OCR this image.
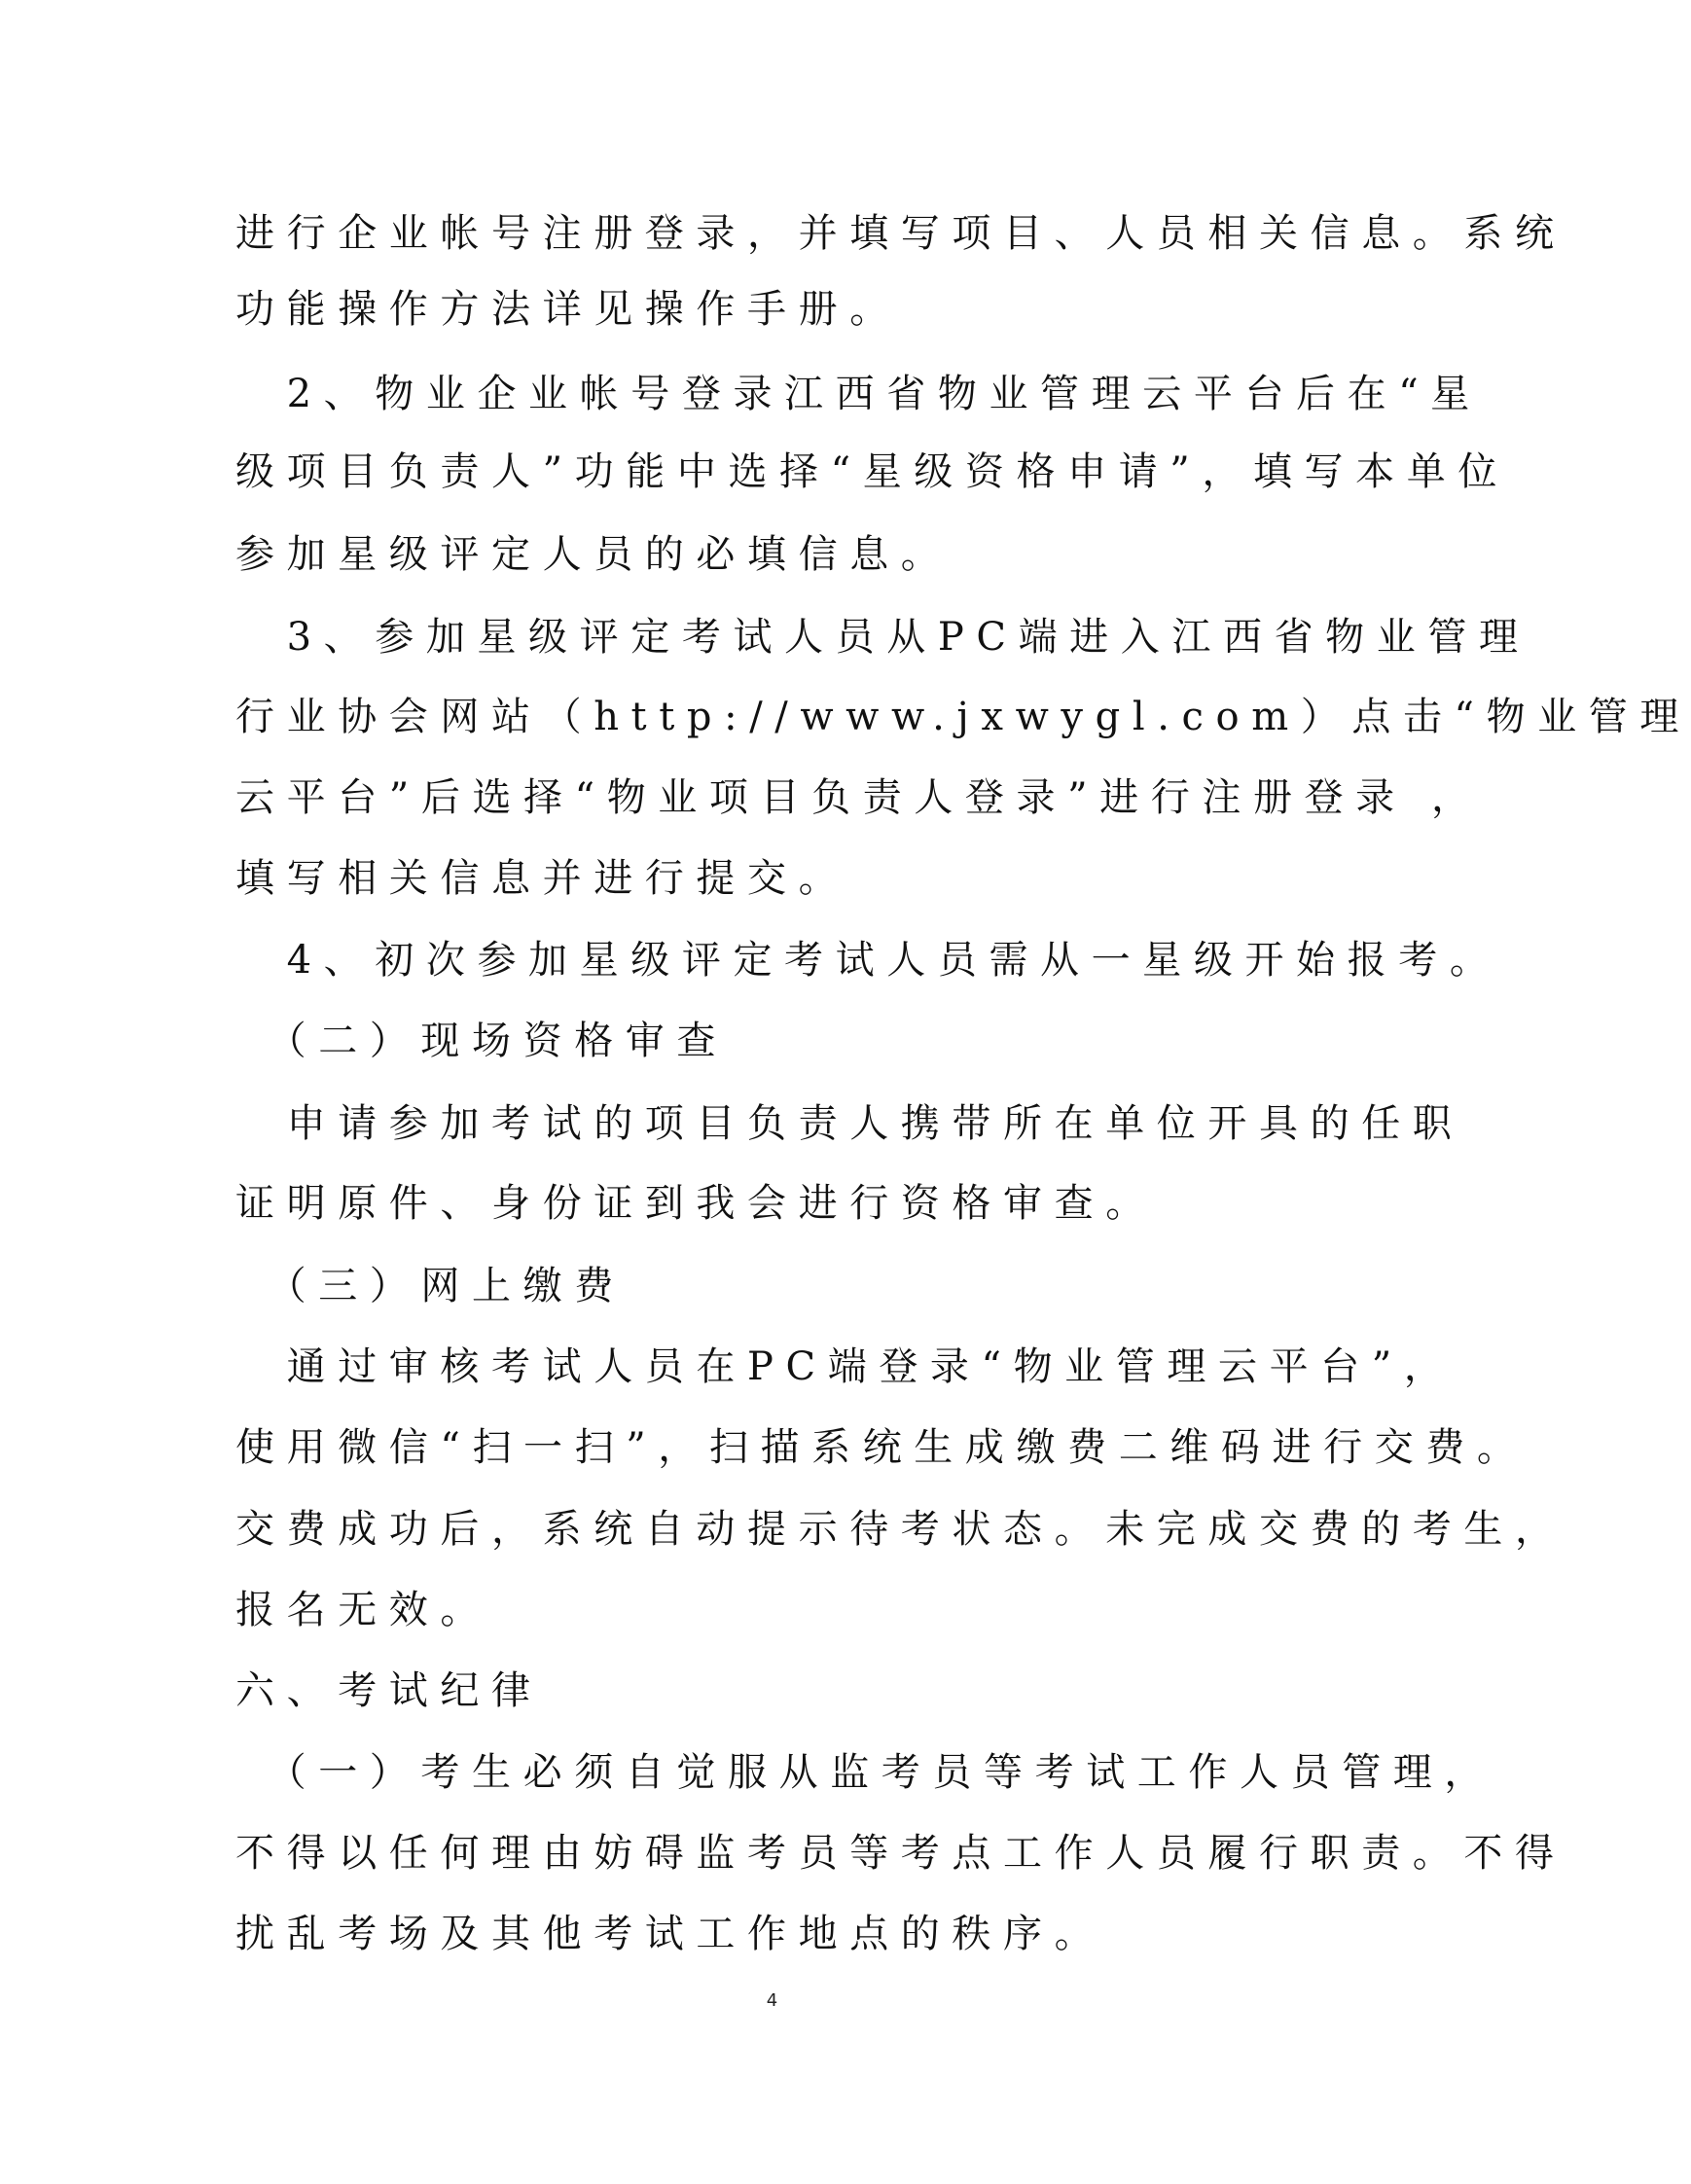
进行企业帐号注册登录，并填写项目、人员相关信息。系统

功能操作方法详见操作手册。

　2、物业企业帐号登录江西省物业管理云平台后在“星

级项目负责人”功能中选择“星级资格申请”，填写本单位

参加星级评定人员的必填信息。

　3、参加星级评定考试人员从PC端进入江西省物业管理

行业协会网站（http://www.jxwygl.com）点击“物业管理

云平台”后选择“物业项目负责人登录”进行注册登录 ，

填写相关信息并进行提交。

　4、初次参加星级评定考试人员需从一星级开始报考。

　（二）现场资格审查

　申请参加考试的项目负责人携带所在单位开具的任职

证明原件、身份证到我会进行资格审查。

　（三）网上缴费

　通过审核考试人员在PC端登录“物业管理云平台”，

使用微信“扫一扫”，扫描系统生成缴费二维码进行交费。

交费成功后，系统自动提示待考状态。未完成交费的考生，

报名无效。

六、考试纪律

　（一）考生必须自觉服从监考员等考试工作人员管理，

不得以任何理由妨碍监考员等考点工作人员履行职责。不得

扰乱考场及其他考试工作地点的秩序。

4
